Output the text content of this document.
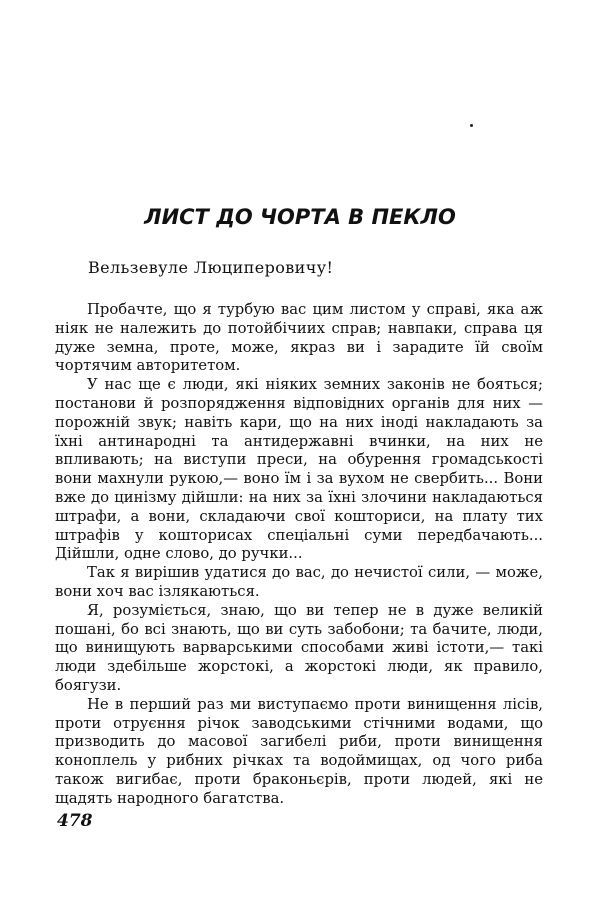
ЛИСТ ДО ЧОРТА В ПЕКЛО
Вельзевуле Люциперовичу!

Пробачте, що я турбую вас цим листом у справі, яка аж ніяк не належить до потойбічиих справ; навпаки, справа ця дуже земна, проте, може, якраз ви і зарадите їй своїм чортячим авторитетом.

У нас ще є люди, які ніяких земних законів не бояться; постанови й розпорядження відповідних органів для них — порожній звук; навіть кари, що на них іноді накладають за їхні антинародні та антидержавні вчинки, на них не впливають; на виступи преси, на обурення громадськості вони махнули рукою,— воно їм і за вухом не свербить... Вони вже до цинізму дійшли: на них за їхні злочини накладаються штрафи, а вони, складаючи свої кошториси, на плату тих штрафів у кошторисах спеціальні суми передбачають... Дійшли, одне слово, до ручки...

Так я вирішив удатися до вас, до нечистої сили, — може, вони хоч вас ізлякаються.

Я, розуміється, знаю, що ви тепер не в дуже великій пошані, бо всі знають, що ви суть забобони; та бачите, люди, що винищують варварськими способами живі істоти,— такі люди здебільше жорстокі, а жорстокі люди, як правило, боягузи.

Не в перший раз ми виступаємо проти винищення лісів, проти отруєння річок заводськими стічними водами, що призводить до масової загибелі риби, проти винищення коноплель у рибних річках та водоймищах, од чого риба також вигибає, проти браконьєрів, проти людей, які не щадять народного багатства.

478
